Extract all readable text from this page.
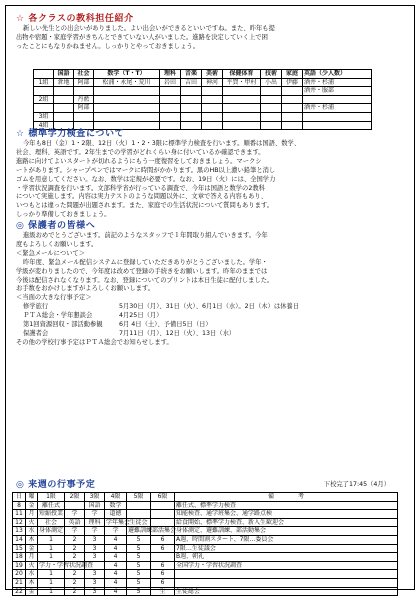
☆ 各クラスの教科担任紹介
新しい先生との出会いがありました。よい出会いができるといいですね。また、昨年も提
出物や宿題・家庭学習がきちんとできていない人がいました。進路を決定していく上で困
ったことにもなりかねません。しっかりとやっておきましょう。
	国語	社会	数学（T・T）	理科	音楽	美術	保健体育	技術	家庭	英語（少人数）
1組	倉地	阿部	松浦・永尾・荒川	岩田	吉田	神河	平賀・甲村	小出	伊藤	酒井・杉浦
										酒井・服部
2組		丹藍								
		阿部								酒井・杉浦
3組										
4組										
☆ 標準学力検査について
今年も8日（金）1・2限、12日（火）1・2・3限に標準学力検査を行います。順番は国語、数学、
社会、理科、英語です。2年生までの学習がどれくらい身に付いているか確認できます。
進路に向けてよいスタートが切れるようにもう一度復習をしておきましょう。マークシ
ートがあります。シャープペンではマークに時間がかかります。黒のHB以上濃い鉛筆と消し
ゴムを用意してください。なお、数学は定規が必要です。なお、19日（火）には、全国学力
・学習状況調査を行います。文部科学省が行っている調査で、今年は国語と数学の2教科
について実施します。内容は実力テストのような問題以外に、文章で答える内容もあり、
いつもとは違った問題が出題されます。また、家庭での生活状況について質問もあります。
しっかり準備しておきましょう。
◎ 保護者の皆様へ
進級おめでとうございます。前記のようなスタッフで１年間取り組んでいきます。今年
度もよろしくお願いします。
＜緊急メールについて＞
昨年度、緊急メール配信システムに登録していただきありがとうございました。学年・
学級が変わりましたので、今年度は改めて登録の手続きをお願いします。昨年のままでは
今後は配信されなくなります。なお、登録についてのプリントは本日生徒に配付しました。
お手数をおかけしますがよろしくお願いします。
＜当面の大きな行事予定＞
修学旅行	5月30日（月）、31日（火）、6月1日（水）。2日（木）は休養日
ＰＴＡ総会・学年懇談会	4月25日（月）
第1回資源回収・部活動参観	6月 4日（土）、予備日5日（日）
保護者会	7月11日（月）、12日（火）、13日（水）
その他の学校行事予定はＰＴＡ総会でお知らせします。
◎ 来週の行事予定	下校完了17:45（4月）
日	曜	1限	2限	3限	4限	5限	6限	備　　　　考
8	金	離任式		国語	数学			離任式、標準学力検査
11	月	短縮授業	学	学	道徳			知能検査、通学班集会、通学路点検
12	火	社会	英語	理科	学年集会	生徒会		給食開始、標準学力検査、新入生歓迎会
13	水	身体測定	学	学	学	避難訓練	部活集会	身体測定、避難訓練、部活動集会
14	木	1	2	3	4	5	6	A週、時間割スタート、7限…委員会
15	金	1	2	3	4	5	6	7限…生徒議会
18	月	1	2	3	4	5		B週、朝礼
19	火	学力・学習状況調査			4	5	6	全国学力・学習状況調査
20	水	1	2	3	4	5	6	
21	木	1	2	3	4	5	6	
22	金	1	2	3	4	5	生	生徒総会
